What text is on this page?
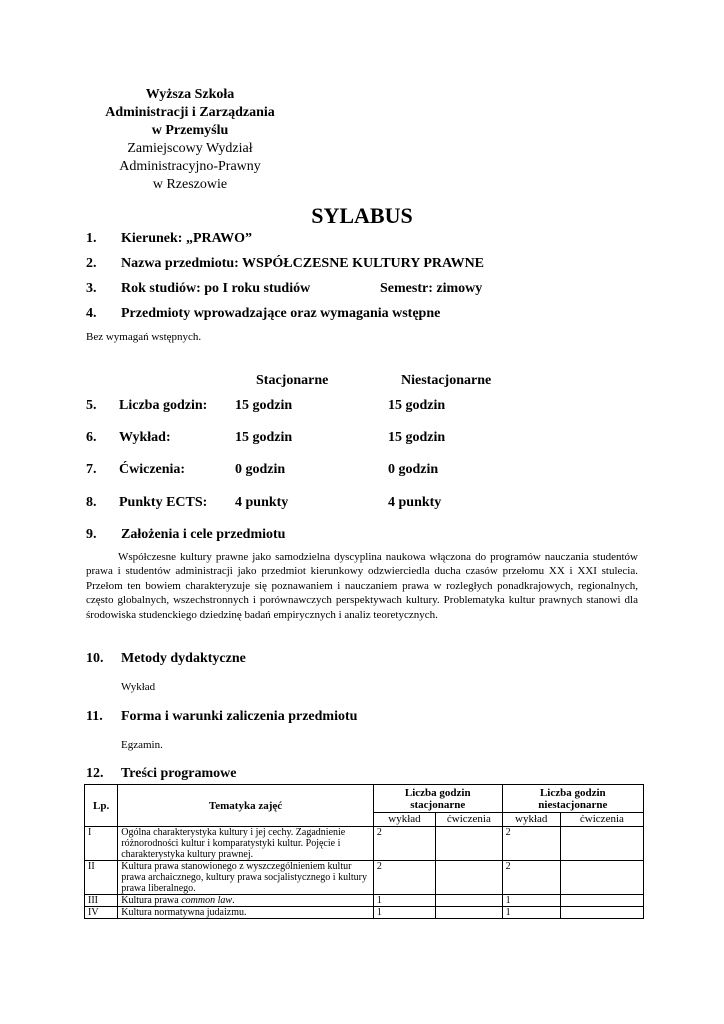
Wyższa Szkoła
Administracji i Zarządzania
w Przemyślu
Zamiejscowy Wydział
Administracyjno-Prawny
w Rzeszowie
SYLABUS
1. Kierunek: „PRAWO”
2. Nazwa przedmiotu: WSPÓŁCZESNE KULTURY PRAWNE
3. Rok studiów: po I roku studiów	Semestr: zimowy
4. Przedmioty wprowadzające oraz wymagania wstępne
Bez wymagań wstępnych.
Stacjonarne	Niestacjonarne
5. Liczba godzin: 15 godzin	15 godzin
6. Wykład:	15 godzin	15 godzin
7. Ćwiczenia:	0 godzin	0 godzin
8. Punkty ECTS: 4 punkty	4 punkty
9. Założenia i cele przedmiotu
Współczesne kultury prawne jako samodzielna dyscyplina naukowa włączona do programów nauczania studentów prawa i studentów administracji jako przedmiot kierunkowy odzwierciedla ducha czasów przełomu XX i XXI stulecia. Przełom ten bowiem charakteryzuje się poznawaniem i nauczaniem prawa w rozległych ponadkrajowych, regionalnych, często globalnych, wszechstronnych i porównawczych perspektywach kultury. Problematyka kultur prawnych stanowi dla środowiska studenckiego dziedzinę badań empirycznych i analiz teoretycznych.
10. Metody dydaktyczne
Wykład
11. Forma i warunki zaliczenia przedmiotu
Egzamin.
12. Treści programowe
Lp.	Tematyka zajęć	Liczba godzin stacjonarne		Liczba godzin niestacjonarne	
		wykład	ćwiczenia	wykład	ćwiczenia
I	Ogólna charakterystyka kultury i jej cechy. Zagadnienie różnorodności kultur i komparatystyki kultur. Pojęcie i charakterystyka kultury prawnej.	2		2	
II	Kultura prawa stanowionego z wyszczególnieniem kultur prawa archaicznego, kultury prawa socjalistycznego i kultury prawa liberalnego.	2		2	
III	Kultura prawa common law.	1		1	
IV	Kultura normatywna judaizmu.	1		1	
